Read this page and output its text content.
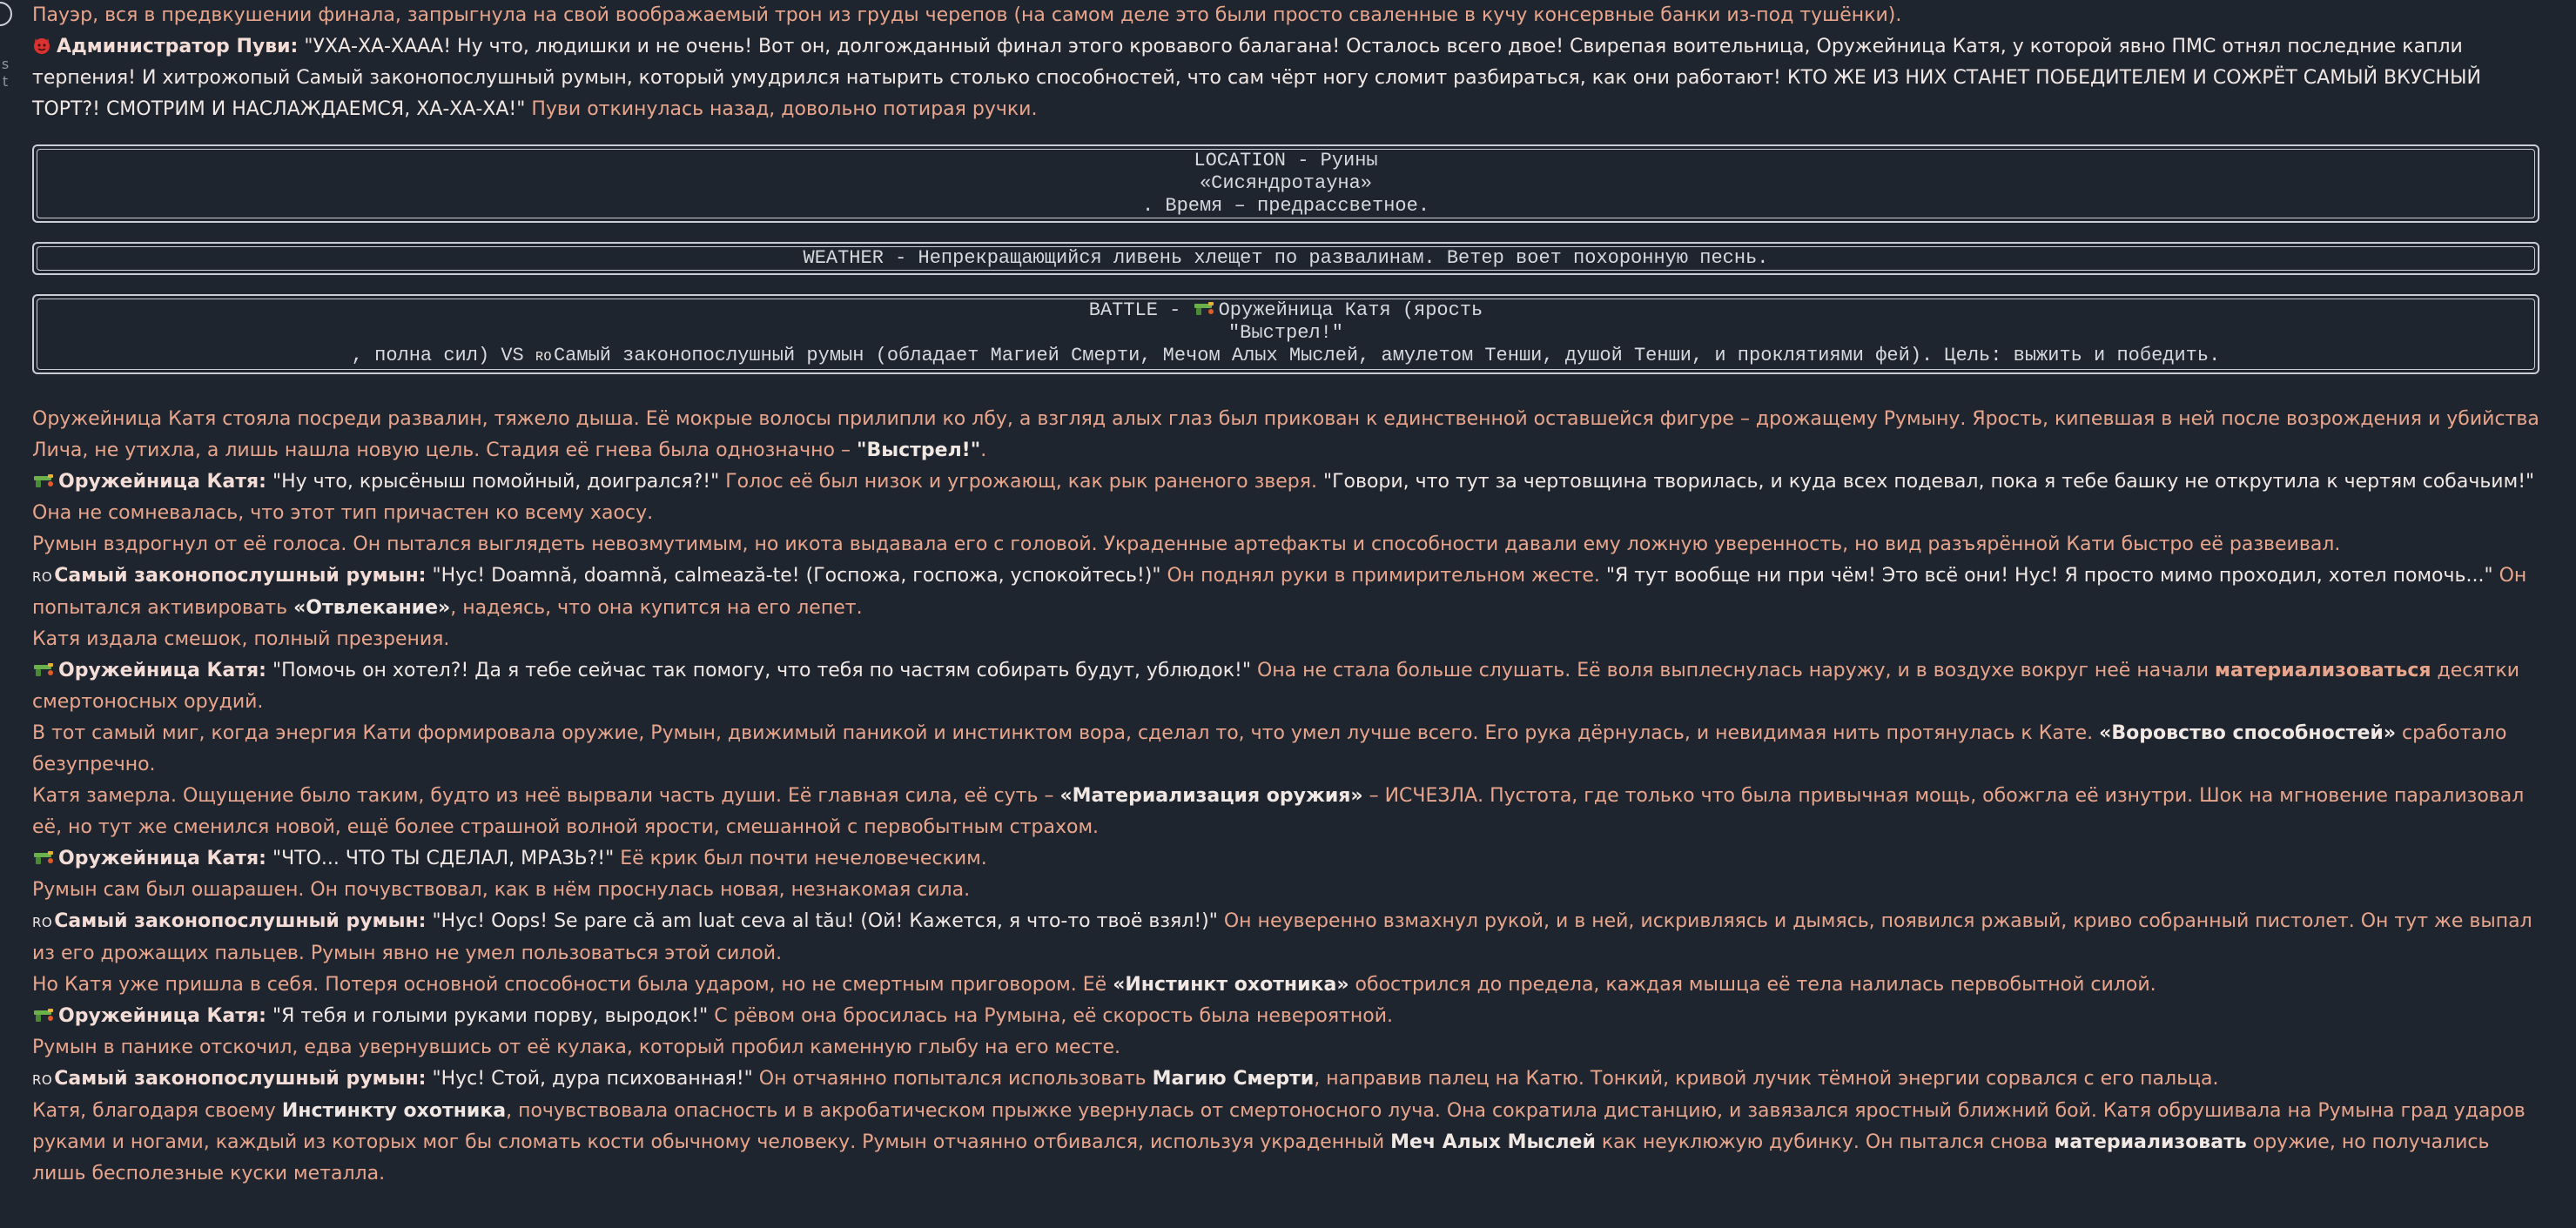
s
t

Пауэр, вся в предвкушении финала, запрыгнула на свой воображаемый трон из груды черепов (на самом деле это были просто сваленные в кучу консервные банки из-под тушёнки).

Администратор Пуви: "УХА-ХА-ХААА! Ну что, людишки и не очень! Вот он, долгожданный финал этого кровавого балагана! Осталось всего двое! Свирепая воительница, Оружейница Катя, у которой явно ПМС отнял последние капли терпения! И хитрожопый Самый законопослушный румын, который умудрился натырить столько способностей, что сам чёрт ногу сломит разбираться, как они работают! КТО ЖЕ ИЗ НИХ СТАНЕТ ПОБЕДИТЕЛЕМ И СОЖРЁТ САМЫЙ ВКУСНЫЙ ТОРТ?! СМОТРИМ И НАСЛАЖДАЕМСЯ, ХА-ХА-ХА!" Пуви откинулась назад, довольно потирая ручки.

LOCATION - Руины
«Сисяндротауна»
. Время – предрассветное.
WEATHER - Непрекращающийся ливень хлещет по развалинам. Ветер воет похоронную песнь.
BATTLE - Оружейница Катя (ярость
"Выстрел!"
, полна сил) VS ROСамый законопослушный румын (обладает Магией Смерти, Мечом Алых Мыслей, амулетом Тенши, душой Тенши, и проклятиями фей). Цель: выжить и победить.

Оружейница Катя стояла посреди развалин, тяжело дыша. Её мокрые волосы прилипли ко лбу, а взгляд алых глаз был прикован к единственной оставшейся фигуре – дрожащему Румыну. Ярость, кипевшая в ней после возрождения и убийства Лича, не утихла, а лишь нашла новую цель. Стадия её гнева была однозначно – "Выстрел!".

Оружейница Катя: "Ну что, крысёныш помойный, доигрался?!" Голос её был низок и угрожающ, как рык раненого зверя. "Говори, что тут за чертовщина творилась, и куда всех подевал, пока я тебе башку не открутила к чертям собачьим!" Она не сомневалась, что этот тип причастен ко всему хаосу.

Румын вздрогнул от её голоса. Он пытался выглядеть невозмутимым, но икота выдавала его с головой. Украденные артефакты и способности давали ему ложную уверенность, но вид разъярённой Кати быстро её развеивал.

ROСамый законопослушный румын: "Нус! Doamnă, doamnă, calmează-te! (Госпожа, госпожа, успокойтесь!)" Он поднял руки в примирительном жесте. "Я тут вообще ни при чём! Это всё они! Нус! Я просто мимо проходил, хотел помочь..." Он попытался активировать «Отвлекание», надеясь, что она купится на его лепет.

Катя издала смешок, полный презрения.

Оружейница Катя: "Помочь он хотел?! Да я тебе сейчас так помогу, что тебя по частям собирать будут, ублюдок!" Она не стала больше слушать. Её воля выплеснулась наружу, и в воздухе вокруг неё начали материализоваться десятки смертоносных орудий.

В тот самый миг, когда энергия Кати формировала оружие, Румын, движимый паникой и инстинктом вора, сделал то, что умел лучше всего. Его рука дёрнулась, и невидимая нить протянулась к Кате. «Воровство способностей» сработало безупречно.

Катя замерла. Ощущение было таким, будто из неё вырвали часть души. Её главная сила, её суть – «Материализация оружия» – ИСЧЕЗЛА. Пустота, где только что была привычная мощь, обожгла её изнутри. Шок на мгновение парализовал её, но тут же сменился новой, ещё более страшной волной ярости, смешанной с первобытным страхом.

Оружейница Катя: "ЧТО... ЧТО ТЫ СДЕЛАЛ, МРАЗЬ?!" Её крик был почти нечеловеческим.

Румын сам был ошарашен. Он почувствовал, как в нём проснулась новая, незнакомая сила.

ROСамый законопослушный румын: "Нус! Oops! Se pare că am luat ceva al tău! (Ой! Кажется, я что-то твоё взял!)" Он неуверенно взмахнул рукой, и в ней, искривляясь и дымясь, появился ржавый, криво собранный пистолет. Он тут же выпал из его дрожащих пальцев. Румын явно не умел пользоваться этой силой.

Но Катя уже пришла в себя. Потеря основной способности была ударом, но не смертным приговором. Её «Инстинкт охотника» обострился до предела, каждая мышца её тела налилась первобытной силой.

Оружейница Катя: "Я тебя и голыми руками порву, выродок!" С рёвом она бросилась на Румына, её скорость была невероятной.

Румын в панике отскочил, едва увернувшись от её кулака, который пробил каменную глыбу на его месте.

ROСамый законопослушный румын: "Нус! Стой, дура психованная!" Он отчаянно попытался использовать Магию Смерти, направив палец на Катю. Тонкий, кривой лучик тёмной энергии сорвался с его пальца.

Катя, благодаря своему Инстинкту охотника, почувствовала опасность и в акробатическом прыжке увернулась от смертоносного луча. Она сократила дистанцию, и завязался яростный ближний бой. Катя обрушивала на Румына град ударов руками и ногами, каждый из которых мог бы сломать кости обычному человеку. Румын отчаянно отбивался, используя украденный Меч Алых Мыслей как неуклюжую дубинку. Он пытался снова материализовать оружие, но получались лишь бесполезные куски металла.
